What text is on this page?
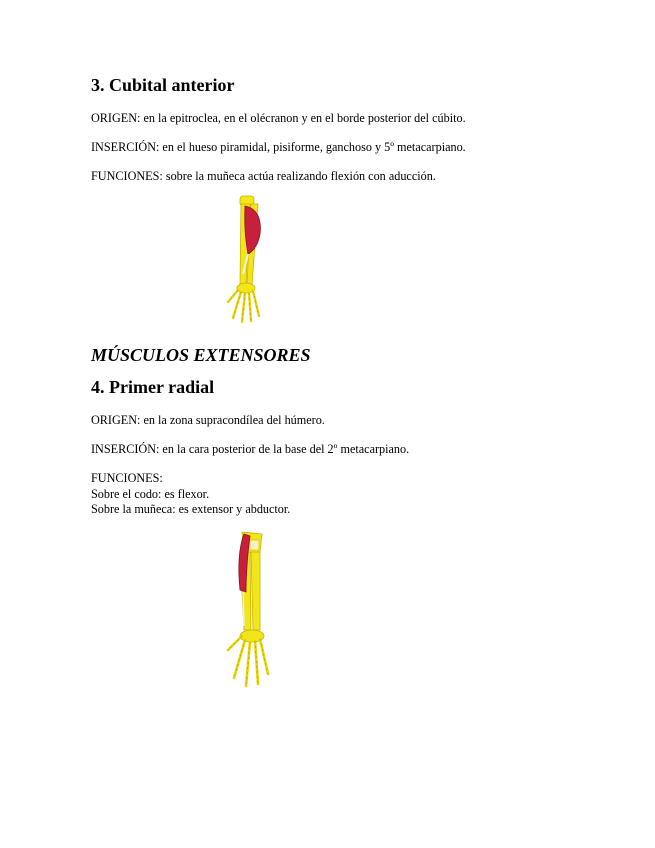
3. Cubital anterior
ORIGEN: en la epitroclea, en el olécranon y en el borde posterior del cúbito.
INSERCIÓN: en el hueso piramidal, pisiforme, ganchoso y 5º metacarpiano.
FUNCIONES: sobre la muñeca actúa realizando flexión con aducción.
MÚSCULOS EXTENSORES
4. Primer radial
ORIGEN: en la zona supracondílea del húmero.
INSERCIÓN: en la cara posterior de la base del 2º metacarpiano.
FUNCIONES:
Sobre el codo: es flexor.
Sobre la muñeca: es extensor y abductor.
